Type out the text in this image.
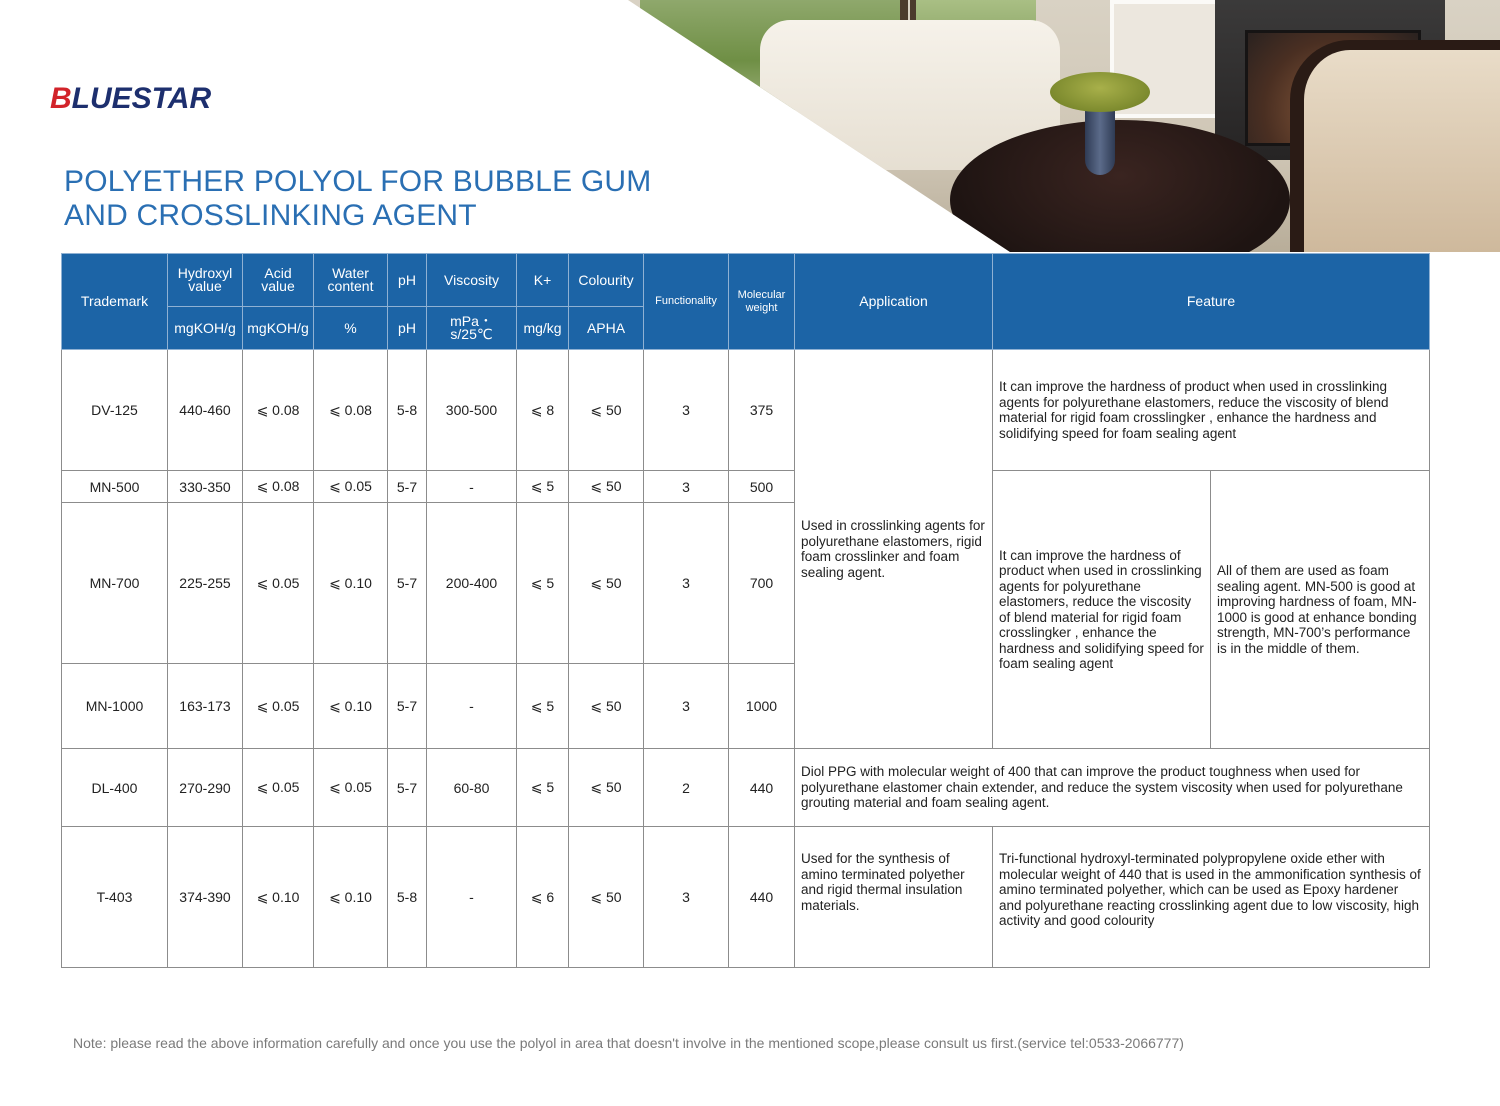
BLUESTAR
POLYETHER POLYOL FOR BUBBLE GUM
AND CROSSLINKING AGENT
Trademark	Hydroxyl value	Acid value	Water content	pH	Viscosity	K+	Colourity	Functionality	Molecular weight	Application	Feature	
	mgKOH/g	mgKOH/g	%	pH	mPa・s/25℃	mg/kg	APHA					
DV-125	440-460	⩽ 0.08	⩽ 0.08	5-8	300-500	⩽ 8	⩽ 50	3	375	Used in crosslinking agents for polyurethane elastomers, rigid foam crosslinker and foam sealing agent.	It can improve the hardness of product when used in crosslinking agents for polyurethane elastomers, reduce the viscosity of blend material for rigid foam crosslingker , enhance the hardness and solidifying speed for foam sealing agent	
MN-500	330-350	⩽ 0.08	⩽ 0.05	5-7	-	⩽ 5	⩽ 50	3	500		It can improve the hardness of product when used in crosslinking agents for polyurethane elastomers, reduce the viscosity of blend material for rigid foam crosslingker , enhance the hardness and solidifying speed for foam sealing agent	All of them are used as foam sealing agent. MN-500 is good at improving hardness of foam, MN-1000 is good at enhance bonding strength, MN-700’s performance is in the middle of them.
MN-700	225-255	⩽ 0.05	⩽ 0.10	5-7	200-400	⩽ 5	⩽ 50	3	700			
MN-1000	163-173	⩽ 0.05	⩽ 0.10	5-7	-	⩽ 5	⩽ 50	3	1000			
DL-400	270-290	⩽ 0.05	⩽ 0.05	5-7	60-80	⩽ 5	⩽ 50	2	440	Diol PPG with molecular weight of 400 that can improve the product toughness when used for polyurethane elastomer chain extender, and reduce the system viscosity when used for polyurethane grouting material and foam sealing agent.		
T-403	374-390	⩽ 0.10	⩽ 0.10	5-8	-	⩽ 6	⩽ 50	3	440	Used for the synthesis of amino terminated polyether and rigid thermal insulation materials.	Tri-functional hydroxyl-terminated polypropylene oxide ether with molecular weight of 440 that is used in the ammonification synthesis of amino terminated polyether, which can be used as Epoxy hardener and polyurethane reacting crosslinking agent due to low viscosity, high activity and good colourity	
Note: please read the above information carefully and once you use the polyol in area that doesn't involve in the mentioned scope,please consult us first.(service tel:0533-2066777)
